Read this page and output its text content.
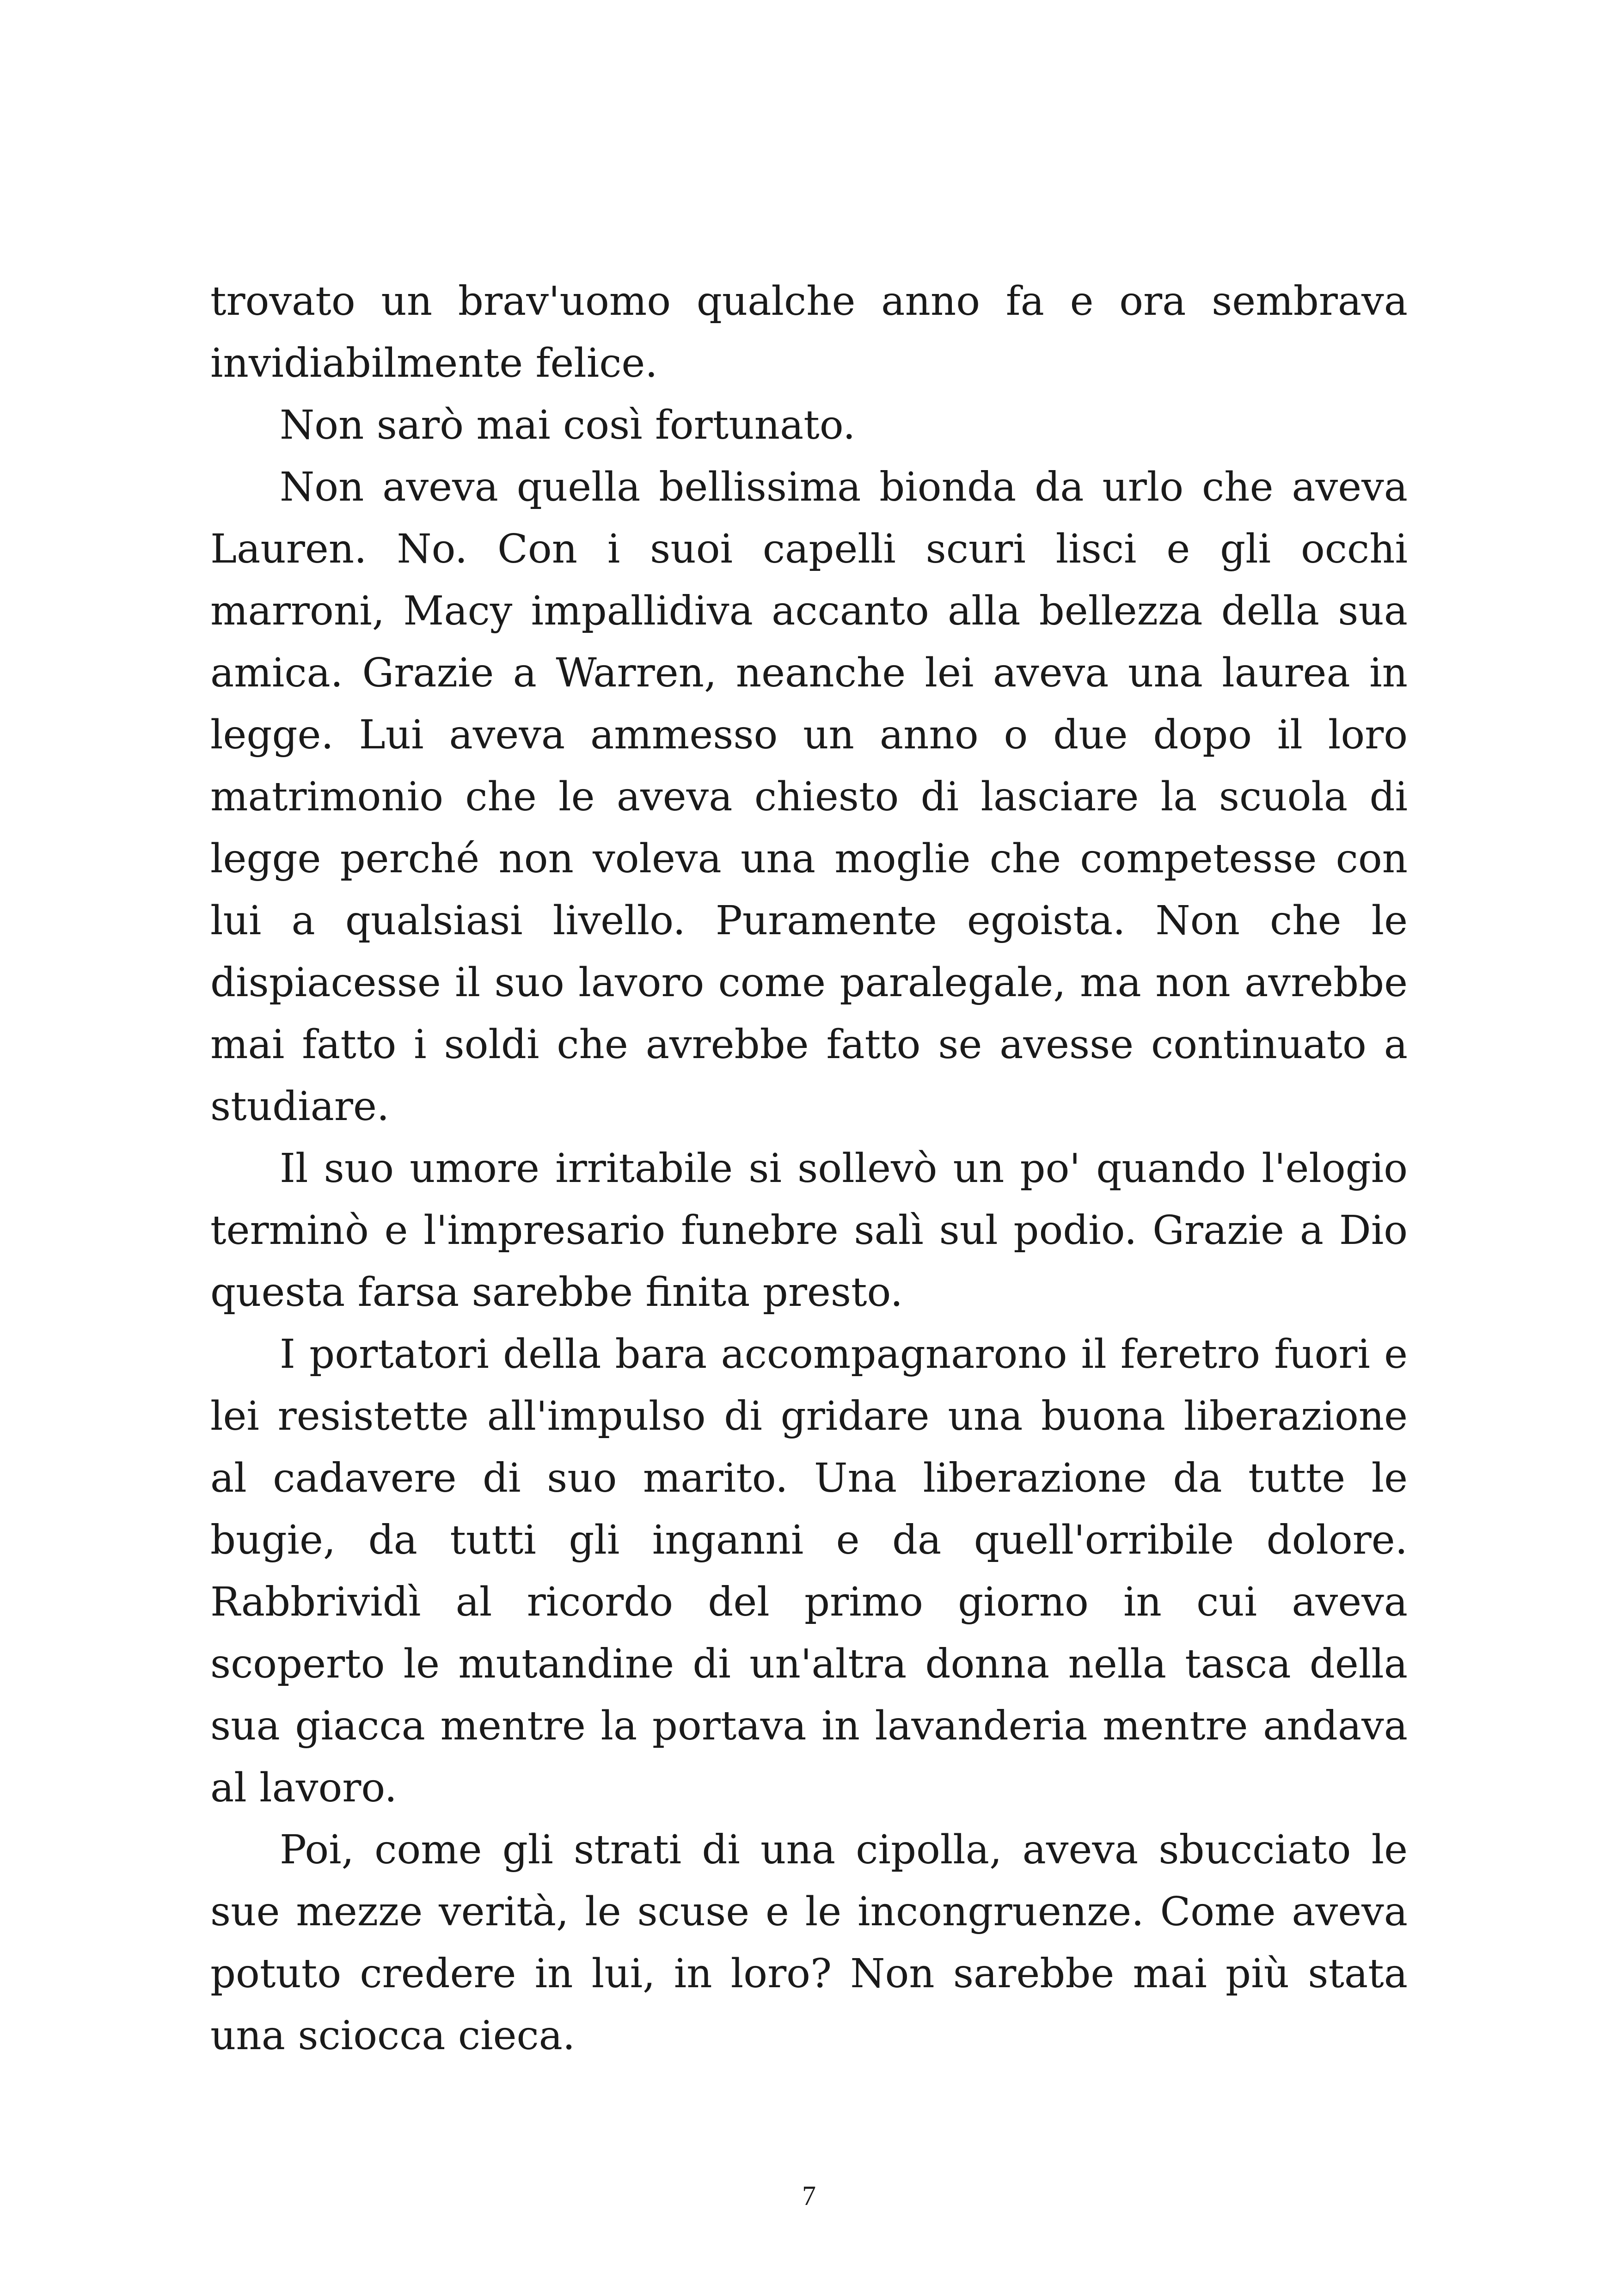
trovato un brav'uomo qualche anno fa e ora sembrava invidiabilmente felice.

Non sarò mai così fortunato.

Non aveva quella bellissima bionda da urlo che aveva Lauren. No. Con i suoi capelli scuri lisci e gli occhi marroni, Macy impallidiva accanto alla bellezza della sua amica. Grazie a Warren, neanche lei aveva una laurea in legge. Lui aveva ammesso un anno o due dopo il loro matrimonio che le aveva chiesto di lasciare la scuola di legge perché non voleva una moglie che competesse con lui a qualsiasi livello. Puramente egoista. Non che le dispiacesse il suo lavoro come paralegale, ma non avrebbe mai fatto i soldi che avrebbe fatto se avesse continuato a studiare.

Il suo umore irritabile si sollevò un po' quando l'elogio terminò e l'impresario funebre salì sul podio. Grazie a Dio questa farsa sarebbe finita presto.

I portatori della bara accompagnarono il feretro fuori e lei resistette all'impulso di gridare una buona liberazione al cadavere di suo marito. Una liberazione da tutte le bugie, da tutti gli inganni e da quell'orribile dolore. Rabbrividì al ricordo del primo giorno in cui aveva scoperto le mutandine di un'altra donna nella tasca della sua giacca mentre la portava in lavanderia mentre andava al lavoro.

Poi, come gli strati di una cipolla, aveva sbucciato le sue mezze verità, le scuse e le incongruenze. Come aveva potuto credere in lui, in loro? Non sarebbe mai più stata una sciocca cieca.

7
